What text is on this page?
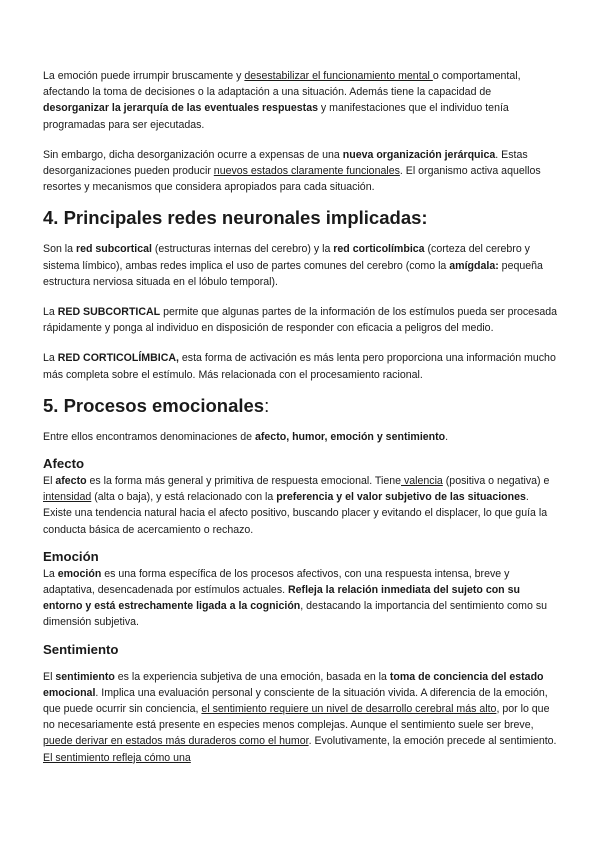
La emoción puede irrumpir bruscamente y desestabilizar el funcionamiento mental o comportamental, afectando la toma de decisiones o la adaptación a una situación. Además tiene la capacidad de desorganizar la jerarquía de las eventuales respuestas y manifestaciones que el individuo tenía programadas para ser ejecutadas.

Sin embargo, dicha desorganización ocurre a expensas de una nueva organización jerárquica. Estas desorganizaciones pueden producir nuevos estados claramente funcionales. El organismo activa aquellos resortes y mecanismos que considera apropiados para cada situación.

4. Principales redes neuronales implicadas:

Son la red subcortical (estructuras internas del cerebro) y la red corticolímbica (corteza del cerebro y sistema límbico), ambas redes implica el uso de partes comunes del cerebro (como la amígdala: pequeña estructura nerviosa situada en el lóbulo temporal).

La RED SUBCORTICAL permite que algunas partes de la información de los estímulos pueda ser procesada rápidamente y ponga al individuo en disposición de responder con eficacia a peligros del medio.

La RED CORTICOLÍMBICA, esta forma de activación es más lenta pero proporciona una información mucho más completa sobre el estímulo. Más relacionada con el procesamiento racional.

5. Procesos emocionales:

Entre ellos encontramos denominaciones de afecto, humor, emoción y sentimiento.

Afecto

El afecto es la forma más general y primitiva de respuesta emocional. Tiene valencia (positiva o negativa) e intensidad (alta o baja), y está relacionado con la preferencia y el valor subjetivo de las situaciones. Existe una tendencia natural hacia el afecto positivo, buscando placer y evitando el displacer, lo que guía la conducta básica de acercamiento o rechazo.

Emoción

La emoción es una forma específica de los procesos afectivos, con una respuesta intensa, breve y adaptativa, desencadenada por estímulos actuales. Refleja la relación inmediata del sujeto con su entorno y está estrechamente ligada a la cognición, destacando la importancia del sentimiento como su dimensión subjetiva.

Sentimiento

El sentimiento es la experiencia subjetiva de una emoción, basada en la toma de conciencia del estado emocional. Implica una evaluación personal y consciente de la situación vivida. A diferencia de la emoción, que puede ocurrir sin conciencia, el sentimiento requiere un nivel de desarrollo cerebral más alto, por lo que no necesariamente está presente en especies menos complejas. Aunque el sentimiento suele ser breve, puede derivar en estados más duraderos como el humor. Evolutivamente, la emoción precede al sentimiento. El sentimiento refleja cómo una
